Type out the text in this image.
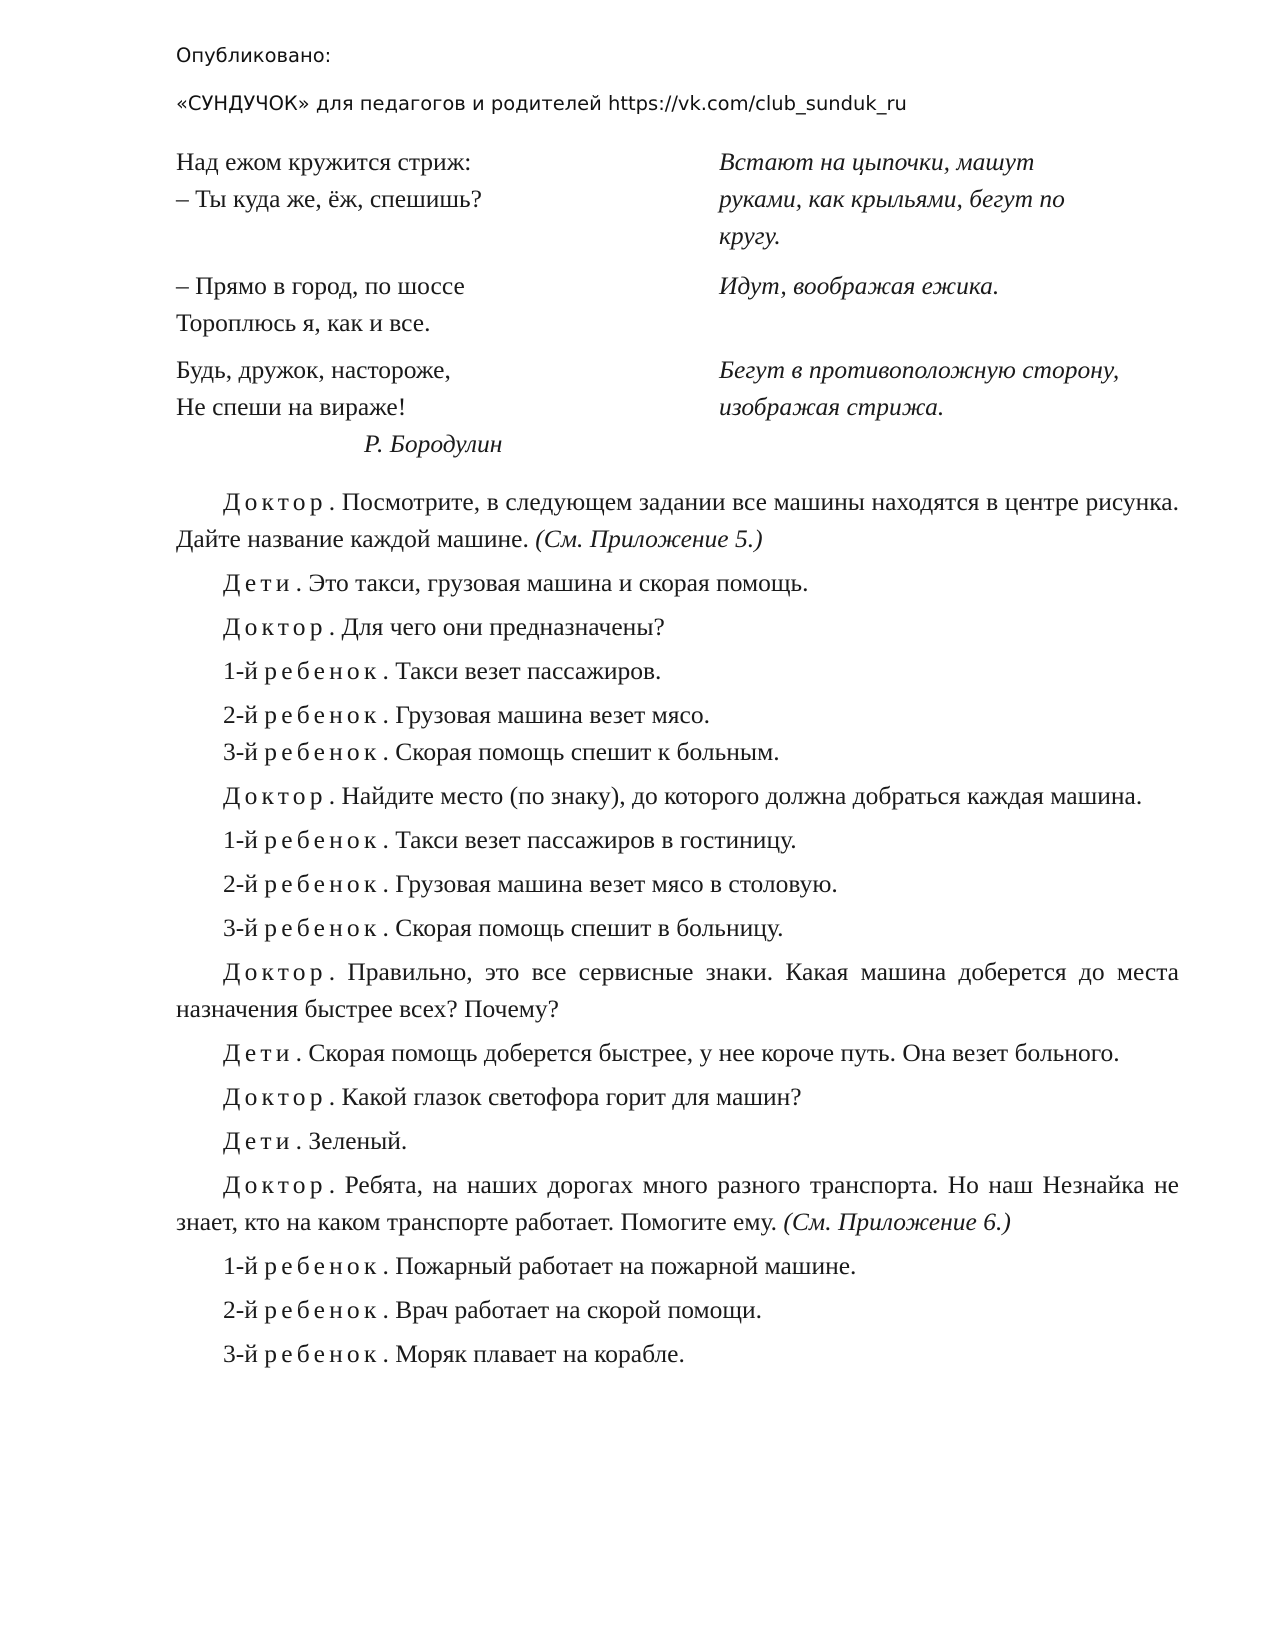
Опубликовано:
«СУНДУЧОК» для педагогов и родителей https://vk.com/club_sunduk_ru
Над ежом кружится стриж:
– Ты куда же, ёж, спешишь?
Встают на цыпочки, машут
руками, как крыльями, бегут по
кругу.
– Прямо в город, по шоссе
Тороплюсь я, как и все.
Идут, воображая ежика.
Будь, дружок, настороже,
Не спеши на вираже!
Р. Бородулин
Бегут в противоположную сторону,
изображая стрижа.

Доктор. Посмотрите, в следующем задании все машины находятся в центре рисунка. Дайте название каждой машине. (См. Приложение 5.)

Дети. Это такси, грузовая машина и скорая помощь.

Доктор. Для чего они предназначены?

1-й ребенок. Такси везет пассажиров.

2-й ребенок. Грузовая машина везет мясо.

3-й ребенок. Скорая помощь спешит к больным.

Доктор. Найдите место (по знаку), до которого должна добраться каждая машина.

1-й ребенок. Такси везет пассажиров в гостиницу.

2-й ребенок. Грузовая машина везет мясо в столовую.

3-й ребенок. Скорая помощь спешит в больницу.

Доктор. Правильно, это все сервисные знаки. Какая машина доберется до места назначения быстрее всех? Почему?

Дети. Скорая помощь доберется быстрее, у нее короче путь. Она везет больного.

Доктор. Какой глазок светофора горит для машин?

Дети. Зеленый.

Доктор. Ребята, на наших дорогах много разного транспорта. Но наш Незнайка не знает, кто на каком транспорте работает. Помогите ему. (См. Приложение 6.)

1-й ребенок. Пожарный работает на пожарной машине.

2-й ребенок. Врач работает на скорой помощи.

3-й ребенок. Моряк плавает на корабле.
